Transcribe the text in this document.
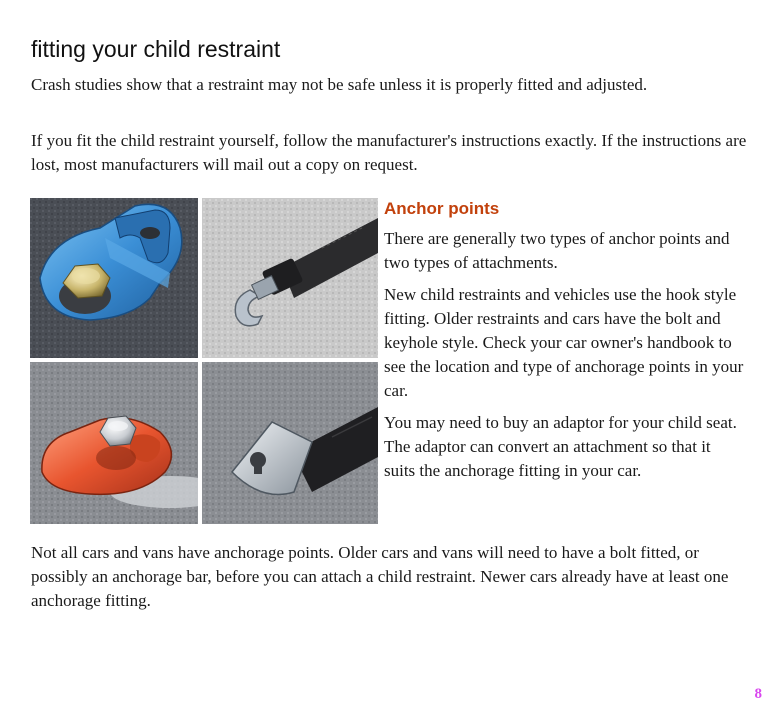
fitting your child restraint

Crash studies show that a restraint may not be safe unless it is properly fitted and adjusted.

If you fit the child restraint yourself, follow the manufacturer's instructions exactly. If the instructions are lost, most manufacturers will mail out a copy on request.

Anchor points

There are generally two types of anchor points and two types of attachments.

New child restraints and vehicles use the hook style fitting. Older restraints and cars have the bolt and keyhole style. Check your car owner's handbook to see the location and type of anchorage points in your car.

You may need to buy an adaptor for your child seat. The adaptor can convert an attachment so that it suits the anchorage fitting in your car.

Not all cars and vans have anchorage points. Older cars and vans will need to have a bolt fitted, or possibly an anchorage bar, before you can attach a child restraint. Newer cars already have at least one anchorage fitting.

8
